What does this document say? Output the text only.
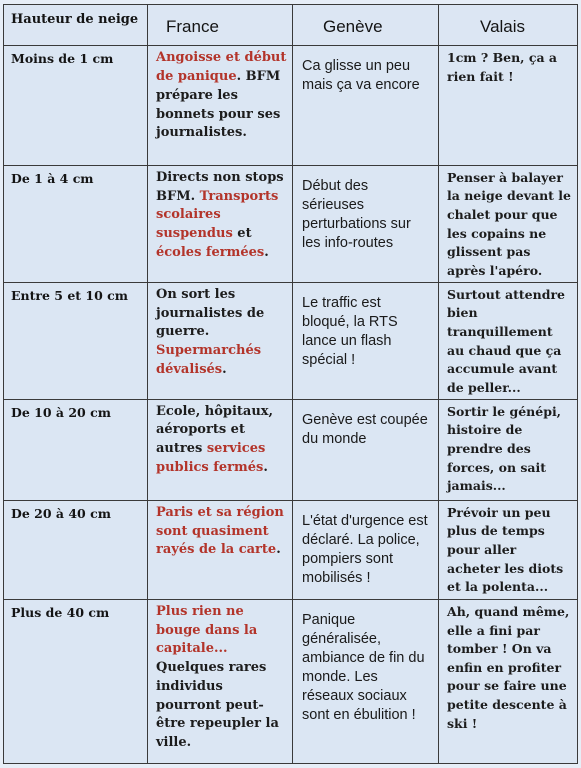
Hauteur de neige	France	Genève	Valais

Moins de 1 cm	Angoisse et début de panique. BFM prépare les bonnets pour ses journalistes.	Ca glisse un peu mais ça va encore	1cm ? Ben, ça a rien fait !

De 1 à 4 cm	Directs non stops BFM. Transports scolaires suspendus et écoles fermées.	Début des sérieuses perturbations sur les info-routes	Penser à balayer la neige devant le chalet pour que les copains ne glissent pas après l'apéro.

Entre 5 et 10 cm	On sort les journalistes de guerre. Supermarchés dévalisés.	Le traffic est bloqué, la RTS lance un flash spécial !	Surtout attendre bien tranquillement au chaud que ça accumule avant de peller...

De 10 à 20 cm	Ecole, hôpitaux, aéroports et autres services publics fermés.	Genève est coupée du monde	Sortir le génépi, histoire de prendre des forces, on sait jamais...

De 20 à 40 cm	Paris et sa région sont quasiment rayés de la carte.	L'état d'urgence est déclaré. La police, pompiers sont mobilisés !	Prévoir un peu plus de temps pour aller acheter les diots et la polenta...

Plus de 40 cm	Plus rien ne bouge dans la capitale... Quelques rares individus pourront peut-être repeupler la ville.	Panique généralisée, ambiance de fin du monde. Les réseaux sociaux sont en ébulition !	Ah, quand même, elle a fini par tomber ! On va enfin en profiter pour se faire une petite descente à ski !
